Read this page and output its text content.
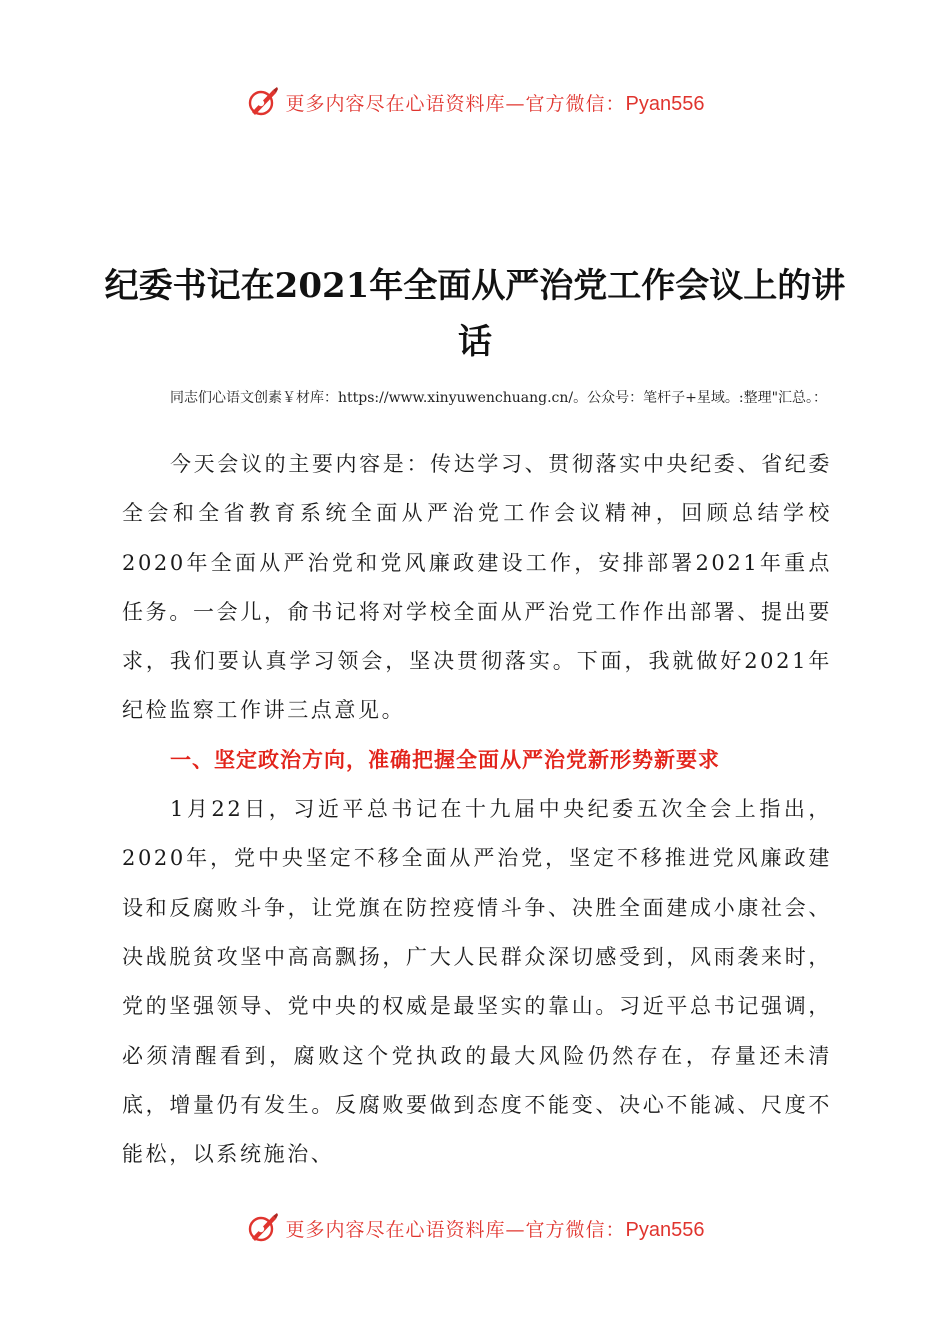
更多内容尽在心语资料库—官方微信：Pyan556
纪委书记在2021年全面从严治党工作会议上的讲话

同志们心语文创素￥材库：https://www.xinyuwenchuang.cn/。公众号：笔杆子+星域。:整理"汇总。：

今天会议的主要内容是：传达学习、贯彻落实中央纪委、省纪委全会和全省教育系统全面从严治党工作会议精神，回顾总结学校2020年全面从严治党和党风廉政建设工作，安排部署2021年重点任务。一会儿，俞书记将对学校全面从严治党工作作出部署、提出要求，我们要认真学习领会，坚决贯彻落实。下面，我就做好2021年纪检监察工作讲三点意见。

一、坚定政治方向，准确把握全面从严治党新形势新要求

1月22日，习近平总书记在十九届中央纪委五次全会上指出，2020年，党中央坚定不移全面从严治党，坚定不移推进党风廉政建设和反腐败斗争，让党旗在防控疫情斗争、决胜全面建成小康社会、决战脱贫攻坚中高高飘扬，广大人民群众深切感受到，风雨袭来时，党的坚强领导、党中央的权威是最坚实的靠山。习近平总书记强调，必须清醒看到，腐败这个党执政的最大风险仍然存在，存量还未清底，增量仍有发生。反腐败要做到态度不能变、决心不能减、尺度不能松，以系统施治、

更多内容尽在心语资料库—官方微信：Pyan556
